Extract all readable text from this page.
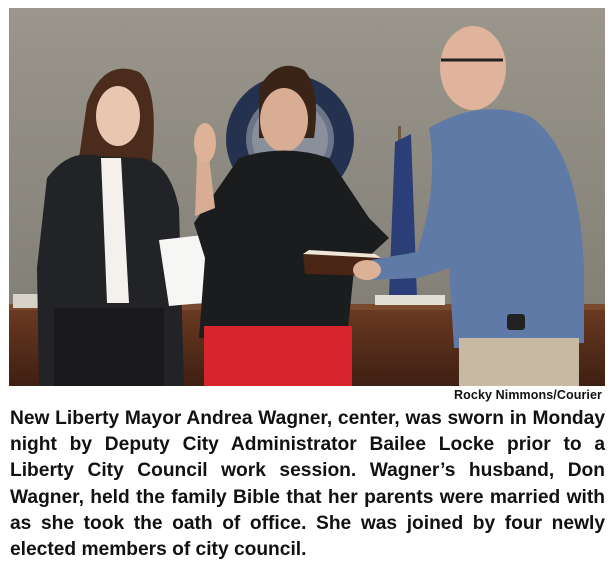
Rocky Nimmons/Courier

New Liberty Mayor Andrea Wagner, center, was sworn in Monday night by Deputy City Administrator Bailee Locke prior to a Liberty City Council work session. Wagner’s husband, Don Wagner, held the family Bible that her parents were married with as she took the oath of office. She was joined by four newly elected members of city council.
